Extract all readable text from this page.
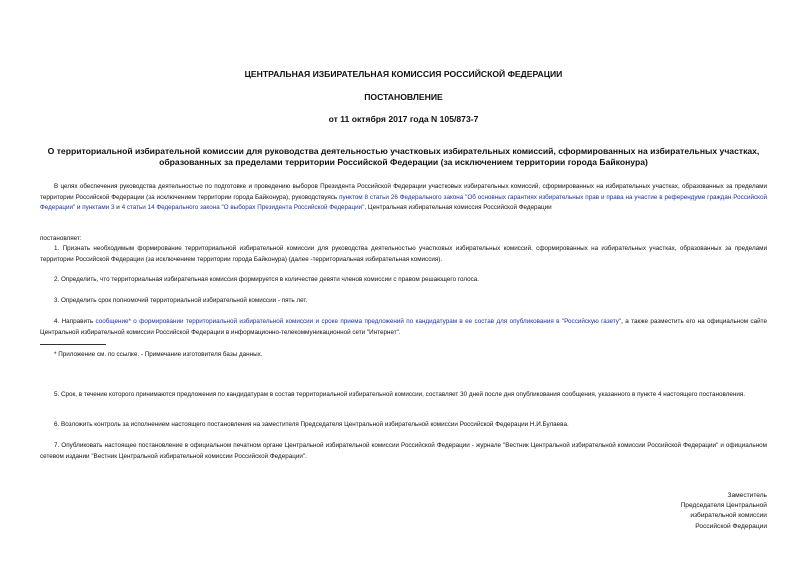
ЦЕНТРАЛЬНАЯ ИЗБИРАТЕЛЬНАЯ КОМИССИЯ РОССИЙСКОЙ ФЕДЕРАЦИИ
ПОСТАНОВЛЕНИЕ
от 11 октября 2017 года N 105/873-7
О территориальной избирательной комиссии для руководства деятельностью участковых избирательных комиссий, сформированных на избирательных участках, образованных за пределами территории Российской Федерации (за исключением территории города Байконура)

В целях обеспечения руководства деятельностью по подготовке и проведению выборов Президента Российской Федерации участковых избирательных комиссий, сформированных на избирательных участках, образованных за пределами территории Российской Федерации (за исключением территории города Байконура), руководствуясь пунктом 8 статьи 26 Федерального закона "Об основных гарантиях избирательных прав и права на участие в референдуме граждан Российской Федерации" и пунктами 3 и 4 статьи 14 Федерального закона "О выборах Президента Российской Федерации", Центральная избирательная комиссия Российской Федерации

постановляет:

1. Признать необходимым формирование территориальной избирательной комиссии для руководства деятельностью участковых избирательных комиссий, сформированных на избирательных участках, образованных за пределами территории Российской Федерации (за исключением территории города Байконура) (далее -территориальная избирательная комиссия).

2. Определить, что территориальная избирательная комиссия формируется в количестве девяти членов комиссии с правом решающего голоса.

3. Определить срок полномочий территориальной избирательной комиссии - пять лет.

4. Направить сообщение* о формировании территориальной избирательной комиссии и сроке приема предложений по кандидатурам в ее состав для опубликования в "Российскую газету", а также разместить его на официальном сайте Центральной избирательной комиссии Российской Федерации в информационно-телекоммуникационной сети "Интернет".

* Приложение см. по ссылке. - Примечание изготовителя базы данных.

5. Срок, в течение которого принимаются предложения по кандидатурам в состав территориальной избирательной комиссии, составляет 30 дней после дня опубликования сообщения, указанного в пункте 4 настоящего постановления.

6. Возложить контроль за исполнением настоящего постановления на заместителя Председателя Центральной избирательной комиссии Российской Федерации Н.И.Булаева.

7. Опубликовать настоящее постановление в официальном печатном органе Центральной избирательной комиссии Российской Федерации - журнале "Вестник Центральной избирательной комиссии Российской Федерации" и официальном сетевом издании "Вестник Центральной избирательной комиссии Российской Федерации".

Заместитель
Председателя Центральной
избирательной комиссии
Российской Федерации
